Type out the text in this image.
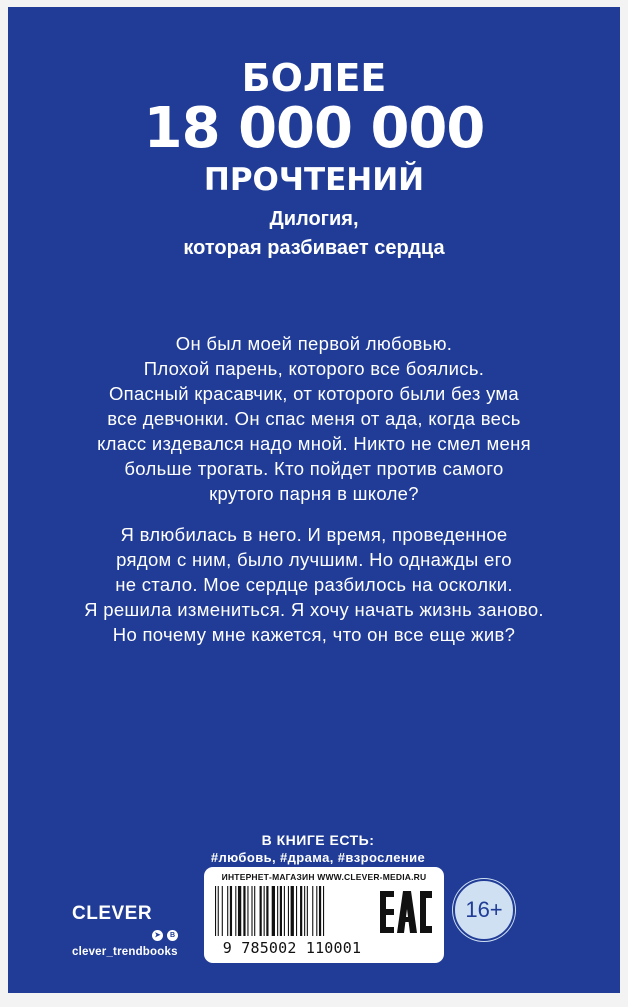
БОЛЕЕ
18 000 000
ПРОЧТЕНИЙ
Дилогия,
которая разбивает сердца

Он был моей первой любовью.

Плохой парень, которого все боялись.

Опасный красавчик, от которого были без ума

все девчонки. Он спас меня от ада, когда весь

класс издевался надо мной. Никто не смел меня

больше трогать. Кто пойдет против самого

крутого парня в школе?

Я влюбилась в него. И время, проведенное

рядом с ним, было лучшим. Но однажды его

не стало. Мое сердце разбилось на осколки.

Я решила измениться. Я хочу начать жизнь заново.

Но почему мне кажется, что он все еще жив?

В КНИГЕ ЕСТЬ:
#любовь, #драма, #взросление
CLEVER
➤	B
clever_trendbooks
ИНТЕРНЕТ-МАГАЗИН WWW.CLEVER-MEDIA.RU
9 785002 110001
16+
